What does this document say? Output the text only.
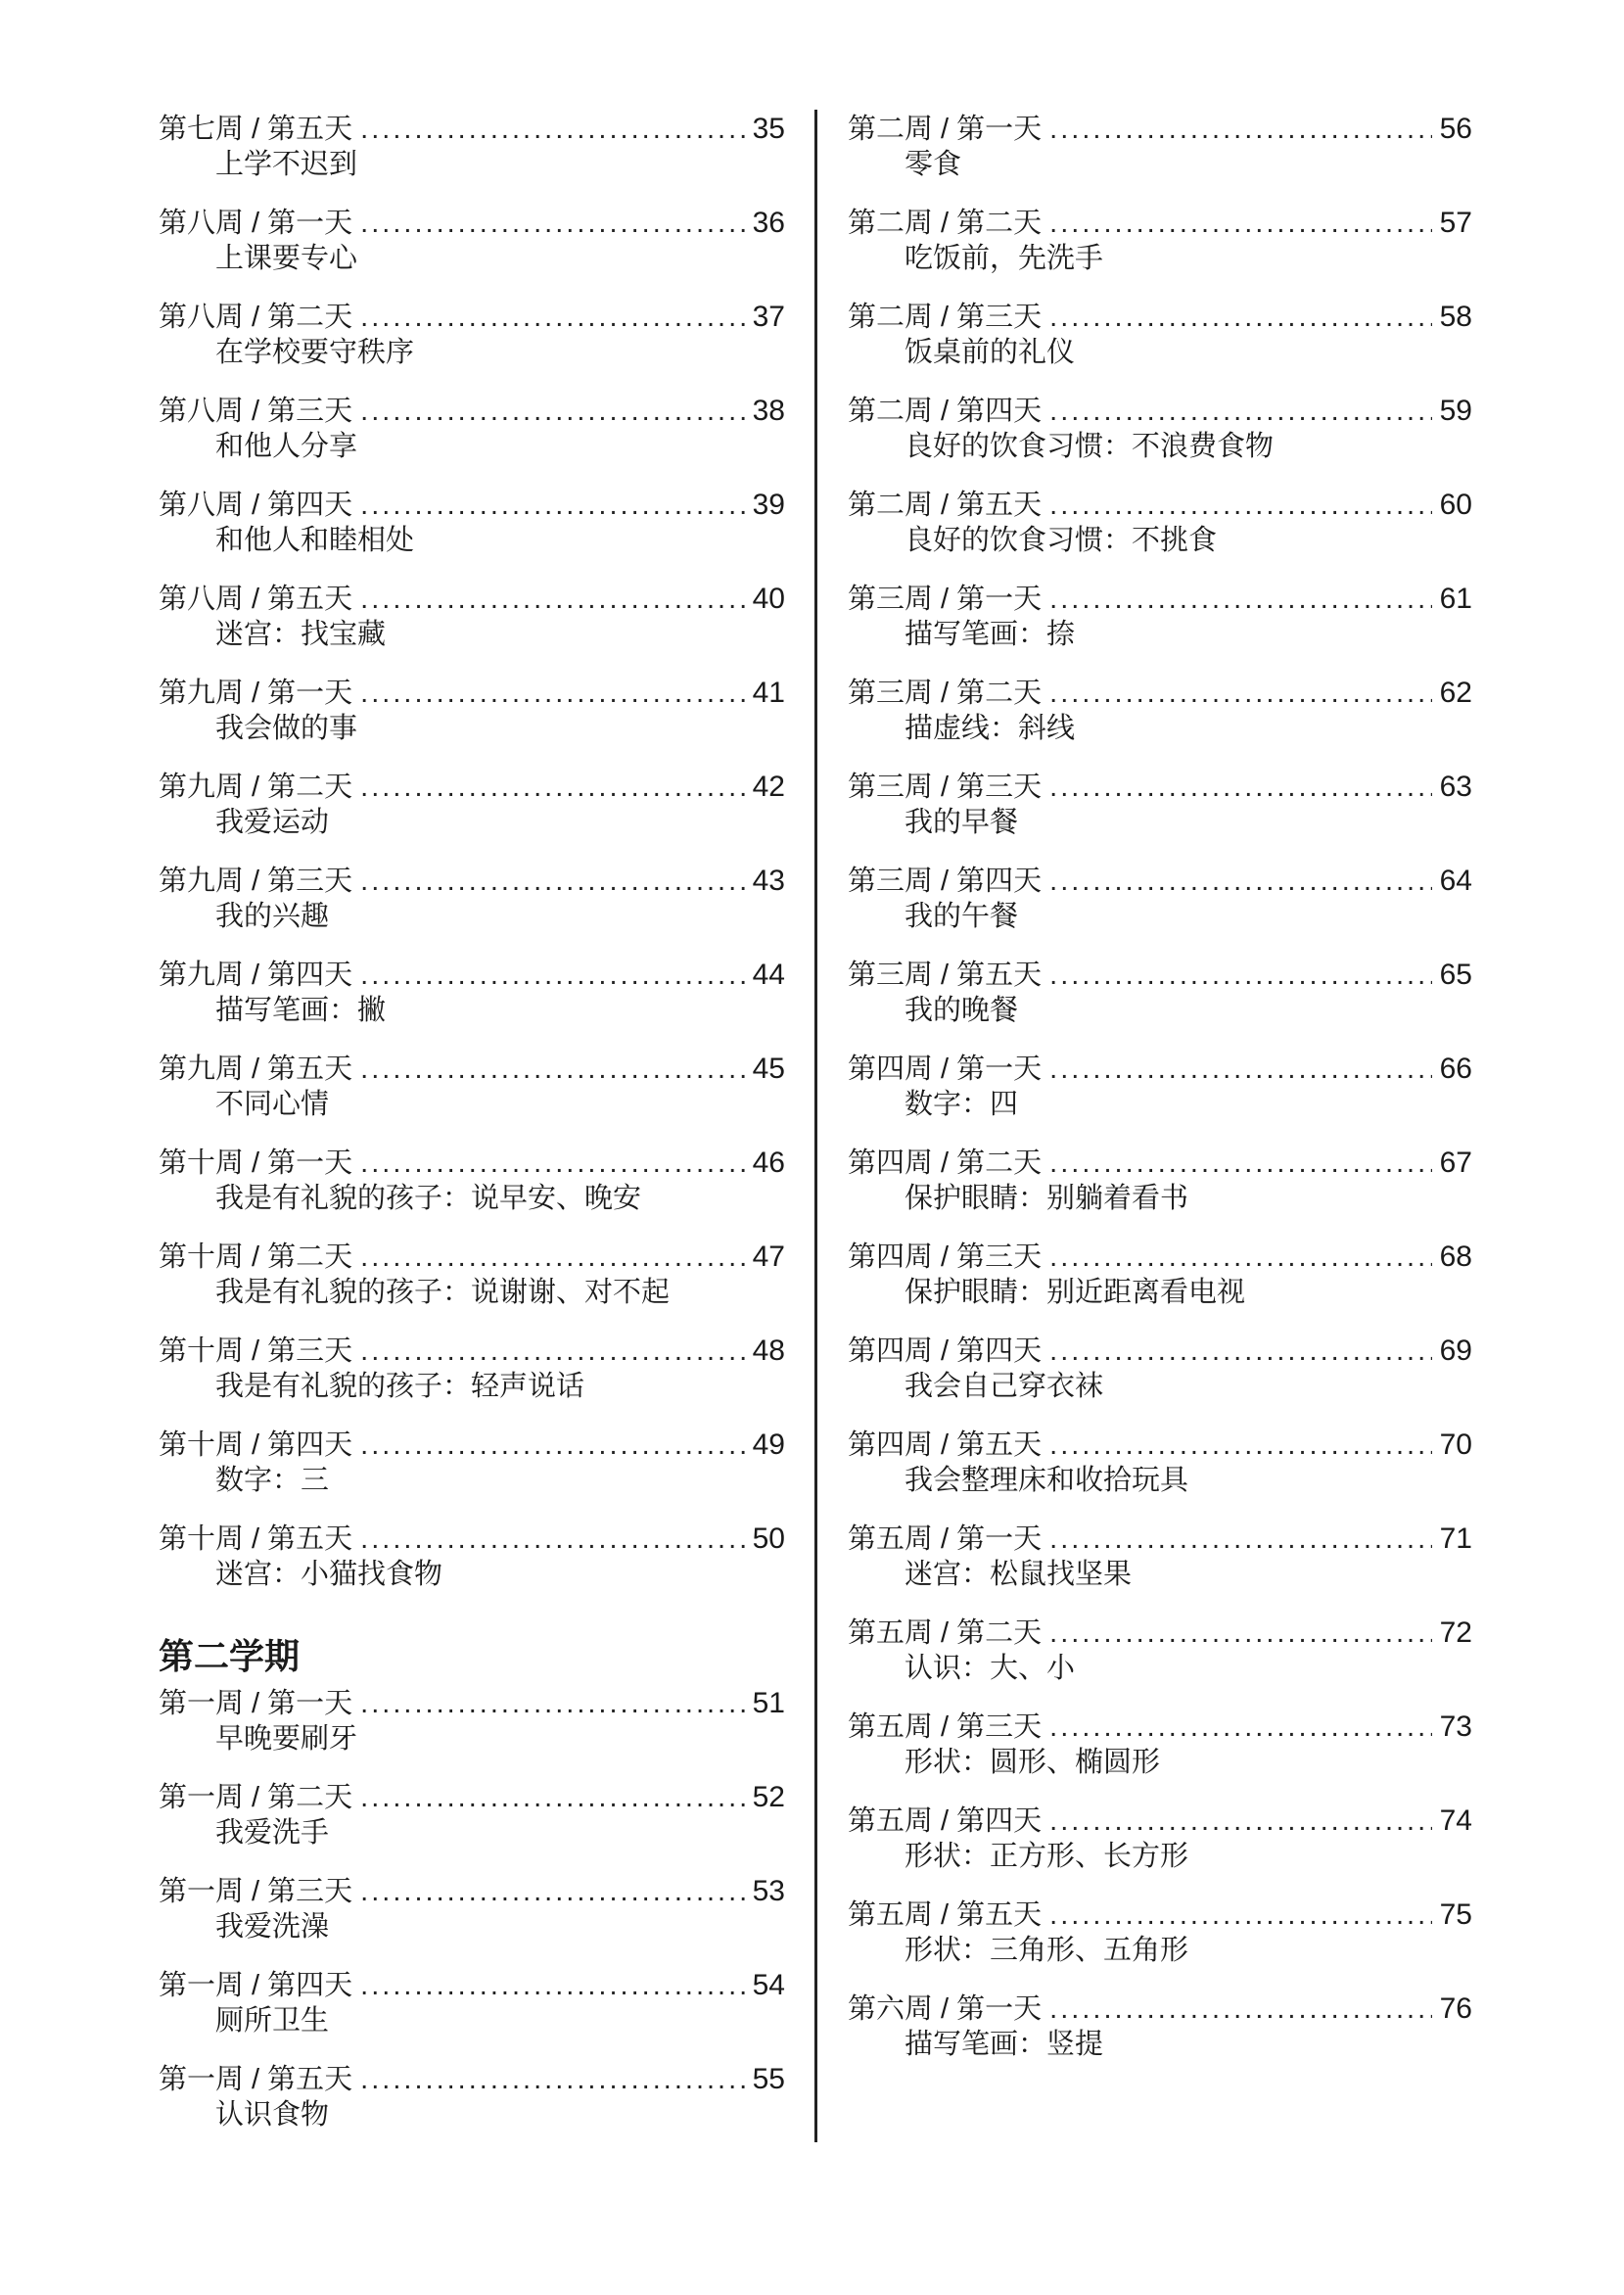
第二学期
第七周 / 第五天 .....	35
上学不迟到
第八周 / 第一天 .....	36
上课要专心
第八周 / 第二天 .....	37
在学校要守秩序
第八周 / 第三天 .....	38
和他人分享
第八周 / 第四天 .....	39
和他人和睦相处
第八周 / 第五天 .....	40
迷宫：找宝藏
第九周 / 第一天 .....	41
我会做的事
第九周 / 第二天 .....	42
我爱运动
第九周 / 第三天 .....	43
我的兴趣
第九周 / 第四天 .....	44
描写笔画：撇
第九周 / 第五天 .....	45
不同心情
第十周 / 第一天 .....	46
我是有礼貌的孩子：说早安、晚安
第十周 / 第二天 .....	47
我是有礼貌的孩子：说谢谢、对不起
第十周 / 第三天 .....	48
我是有礼貌的孩子：轻声说话
第十周 / 第四天 .....	49
数字：三
第十周 / 第五天 .....	50
迷宫：小猫找食物
第一周 / 第一天 .....	51
早晚要刷牙
第一周 / 第二天 .....	52
我爱洗手
第一周 / 第三天 .....	53
我爱洗澡
第一周 / 第四天 .....	54
厕所卫生
第一周 / 第五天 .....	55
认识食物
第二周 / 第一天 .....	56
零食
第二周 / 第二天 .....	57
吃饭前，先洗手
第二周 / 第三天 .....	58
饭桌前的礼仪
第二周 / 第四天 .....	59
良好的饮食习惯：不浪费食物
第二周 / 第五天 .....	60
良好的饮食习惯：不挑食
第三周 / 第一天 .....	61
描写笔画：捺
第三周 / 第二天 .....	62
描虚线：斜线
第三周 / 第三天 .....	63
我的早餐
第三周 / 第四天 .....	64
我的午餐
第三周 / 第五天 .....	65
我的晚餐
第四周 / 第一天 .....	66
数字：四
第四周 / 第二天 .....	67
保护眼睛：别躺着看书
第四周 / 第三天 .....	68
保护眼睛：别近距离看电视
第四周 / 第四天 .....	69
我会自己穿衣袜
第四周 / 第五天 .....	70
我会整理床和收拾玩具
第五周 / 第一天 .....	71
迷宫：松鼠找坚果
第五周 / 第二天 .....	72
认识：大、小
第五周 / 第三天 .....	73
形状：圆形、椭圆形
第五周 / 第四天 .....	74
形状：正方形、长方形
第五周 / 第五天 .....	75
形状：三角形、五角形
第六周 / 第一天 .....	76
描写笔画：竖提
